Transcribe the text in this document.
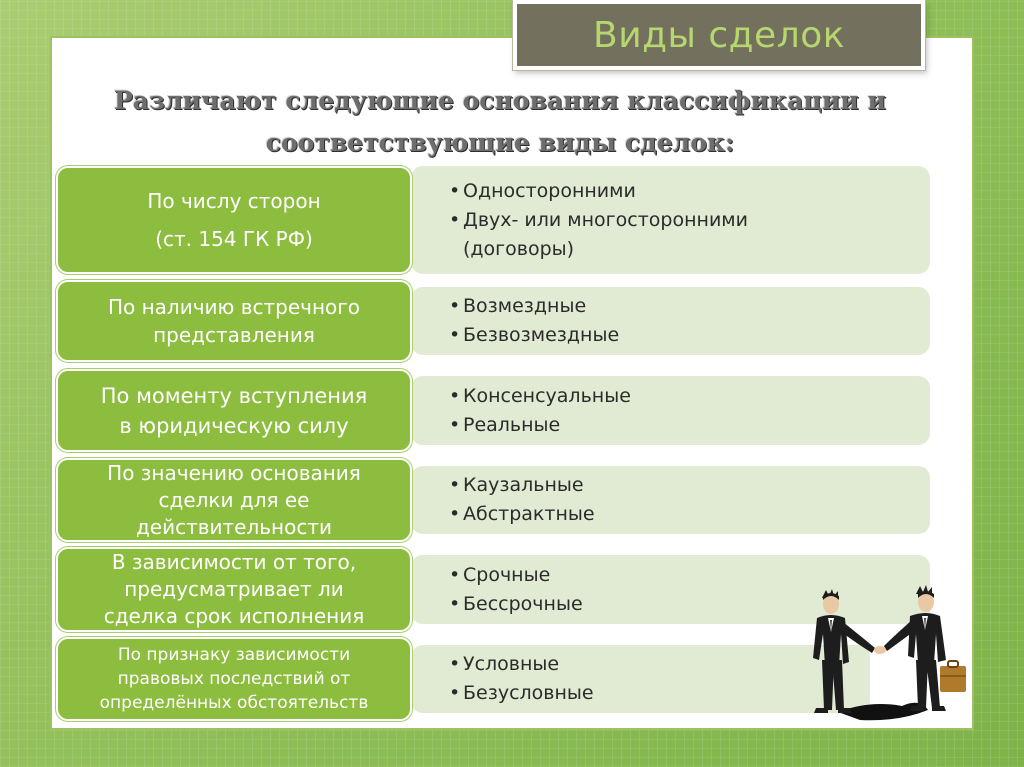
Виды сделок
Различают следующие основания классификации и
соответствующие виды сделок:
• Односторонними
• Двух- или многосторонними
(договоры)
По числу сторон
(ст. 154 ГК РФ)
• Возмездные
• Безвозмездные
По наличию встречного
представления
• Консенсуальные
• Реальные
По моменту вступления
в юридическую силу
• Каузальные
• Абстрактные
По значению основания
сделки для ее
действительности
• Срочные
• Бессрочные
В зависимости от того,
предусматривает ли
сделка срок исполнения
• Условные
• Безусловные
По признаку зависимости
правовых последствий от
определённых обстоятельств
